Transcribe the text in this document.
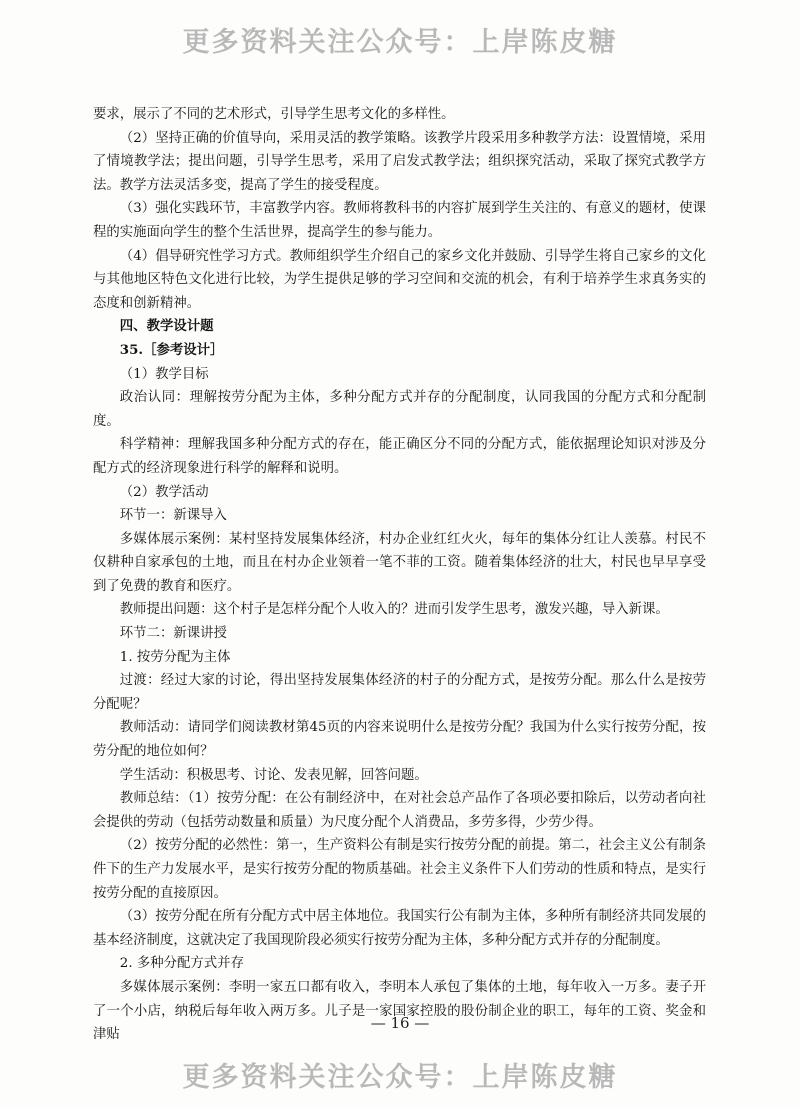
更多资料关注公众号：上岸陈皮糖

要求，展示了不同的艺术形式，引导学生思考文化的多样性。

（2）坚持正确的价值导向，采用灵活的教学策略。该教学片段采用多种教学方法：设置情境，采用了情境教学法；提出问题，引导学生思考，采用了启发式教学法；组织探究活动，采取了探究式教学方法。教学方法灵活多变，提高了学生的接受程度。

（3）强化实践环节，丰富教学内容。教师将教科书的内容扩展到学生关注的、有意义的题材，使课程的实施面向学生的整个生活世界，提高学生的参与能力。

（4）倡导研究性学习方式。教师组织学生介绍自己的家乡文化并鼓励、引导学生将自己家乡的文化与其他地区特色文化进行比较，为学生提供足够的学习空间和交流的机会，有利于培养学生求真务实的态度和创新精神。

四、教学设计题

35.［参考设计］

（1）教学目标

政治认同：理解按劳分配为主体，多种分配方式并存的分配制度，认同我国的分配方式和分配制度。

科学精神：理解我国多种分配方式的存在，能正确区分不同的分配方式，能依据理论知识对涉及分配方式的经济现象进行科学的解释和说明。

（2）教学活动

环节一：新课导入

多媒体展示案例：某村坚持发展集体经济，村办企业红红火火，每年的集体分红让人羡慕。村民不仅耕种自家承包的土地，而且在村办企业领着一笔不菲的工资。随着集体经济的壮大，村民也早早享受到了免费的教育和医疗。

教师提出问题：这个村子是怎样分配个人收入的？进而引发学生思考，激发兴趣，导入新课。

环节二：新课讲授

1. 按劳分配为主体

过渡：经过大家的讨论，得出坚持发展集体经济的村子的分配方式，是按劳分配。那么什么是按劳分配呢？

教师活动：请同学们阅读教材第45页的内容来说明什么是按劳分配？我国为什么实行按劳分配，按劳分配的地位如何？

学生活动：积极思考、讨论、发表见解，回答问题。

教师总结：（1）按劳分配：在公有制经济中，在对社会总产品作了各项必要扣除后，以劳动者向社会提供的劳动（包括劳动数量和质量）为尺度分配个人消费品，多劳多得，少劳少得。

（2）按劳分配的必然性：第一，生产资料公有制是实行按劳分配的前提。第二，社会主义公有制条件下的生产力发展水平，是实行按劳分配的物质基础。社会主义条件下人们劳动的性质和特点，是实行按劳分配的直接原因。

（3）按劳分配在所有分配方式中居主体地位。我国实行公有制为主体，多种所有制经济共同发展的基本经济制度，这就决定了我国现阶段必须实行按劳分配为主体，多种分配方式并存的分配制度。

2. 多种分配方式并存

多媒体展示案例：李明一家五口都有收入，李明本人承包了集体的土地，每年收入一万多。妻子开了一个小店，纳税后每年收入两万多。儿子是一家国家控股的股份制企业的职工，每年的工资、奖金和津贴

— 16 —
更多资料关注公众号：上岸陈皮糖
